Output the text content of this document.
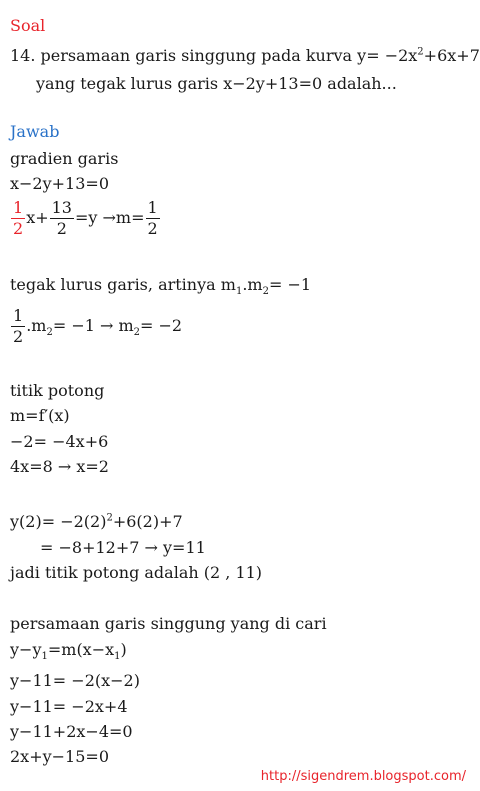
Soal
14. persamaan garis singgung pada kurva $y= -2x^2+6x+7$
yang tegak lurus garis x−2y+13=0 adalah...
Jawab
gradien garis
x−2y+13=0
$\frac{1}{2} x+ \frac{13}{2} =y \to m= \frac{1}{2}$
tegak lurus garis, artinya $m_1.m_2= -1$
$\frac{1}{2} .m_2= -1 \to m_2= -2$
titik potong
m=f′(x)
−2= −4x+6
4x=8 → x=2
$y(2)= -2(2)^2+6(2)+7$
= −8+12+7 → y=11
jadi titik potong adalah (2 , 11)
persamaan garis singgung yang di cari
$y-y_1=m(x-x_1)$
y−11= −2(x−2)
y−11= −2x+4
y−11+2x−4=0
2x+y−15=0
http://sigendrem.blogspot.com/
